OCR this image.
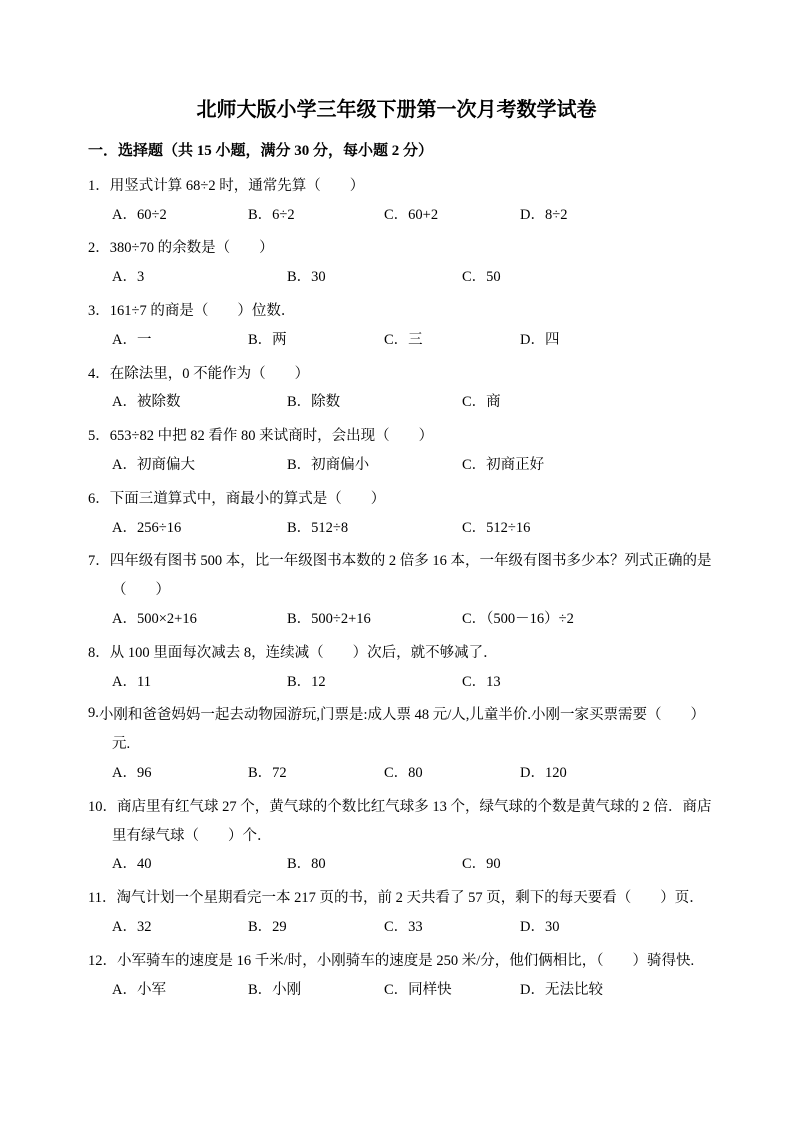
北师大版小学三年级下册第一次月考数学试卷
一．选择题（共 15 小题，满分 30 分，每小题 2 分）
1． 用竖式计算 68÷2 时，通常先算（　　）
A．60÷2	B．6÷2	C．60+2	D．8÷2
2． 380÷70 的余数是（　　）
A．3	B．30	C．50
3． 161÷7 的商是（　　）位数．
A．一	B．两	C．三	D．四
4． 在除法里，0 不能作为（　　）
A．被除数	B．除数	C．商
5． 653÷82 中把 82 看作 80 来试商时，会出现（　　）
A．初商偏大	B．初商偏小	C．初商正好
6． 下面三道算式中，商最小的算式是（　　）
A．256÷16	B．512÷8	C．512÷16
7． 四年级有图书 500 本，比一年级图书本数的 2 倍多 16 本，一年级有图书多少本？列式正确的是
（　　）
A．500×2+16	B．500÷2+16	C．（500－16）÷2
8． 从 100 里面每次减去 8，连续减（　　）次后，就不够减了．
A．11	B．12	C．13
9. 小刚和爸爸妈妈一起去动物园游玩,门票是:成人票 48 元/人,儿童半价.小刚一家买票需要（　　）
元.
A．96	B．72	C．80	D．120
10． 商店里有红气球 27 个，黄气球的个数比红气球多 13 个，绿气球的个数是黄气球的 2 倍．商店
里有绿气球（　　）个．
A．40	B．80	C．90
11． 淘气计划一个星期看完一本 217 页的书，前 2 天共看了 57 页，剩下的每天要看（　　）页．
A．32	B．29	C．33	D．30
12． 小军骑车的速度是 16 千米/时，小刚骑车的速度是 250 米/分，他们俩相比，（　　）骑得快.
A．小军	B．小刚	C．同样快	D．无法比较
